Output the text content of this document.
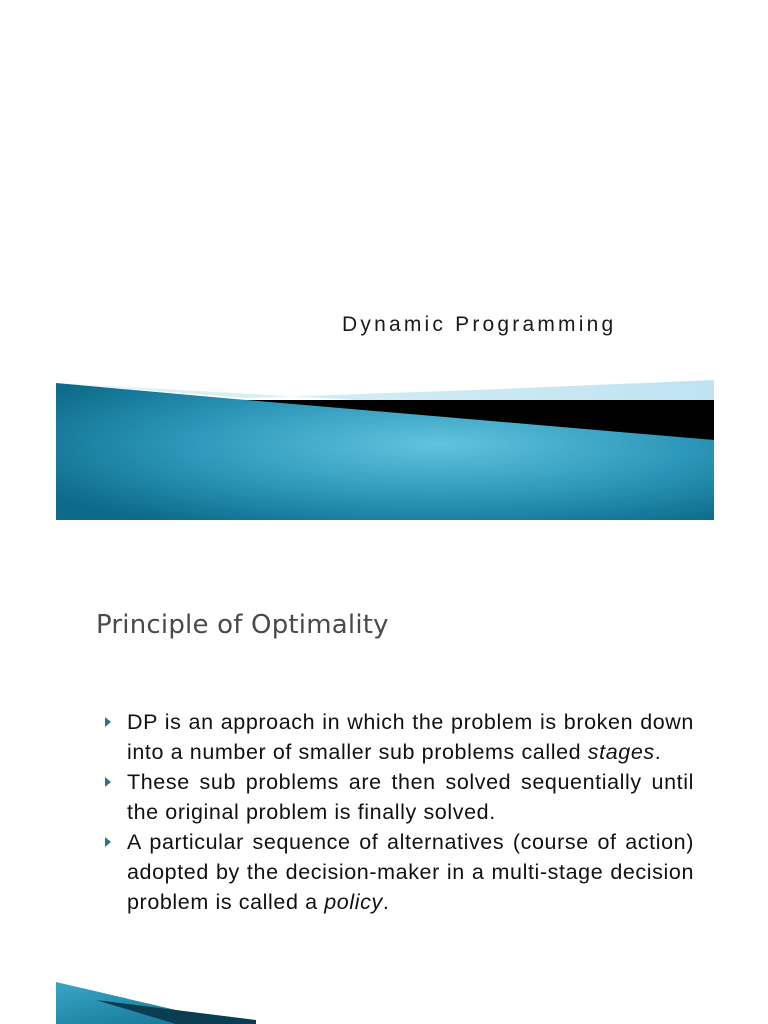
Dynamic Programming
Principle of Optimality
DP is an approach in which the problem is broken down into a number of smaller sub problems called stages.
These sub problems are then solved sequentially until the original problem is finally solved.
A particular sequence of alternatives (course of action) adopted by the decision-maker in a multi-stage decision problem is called a policy.
